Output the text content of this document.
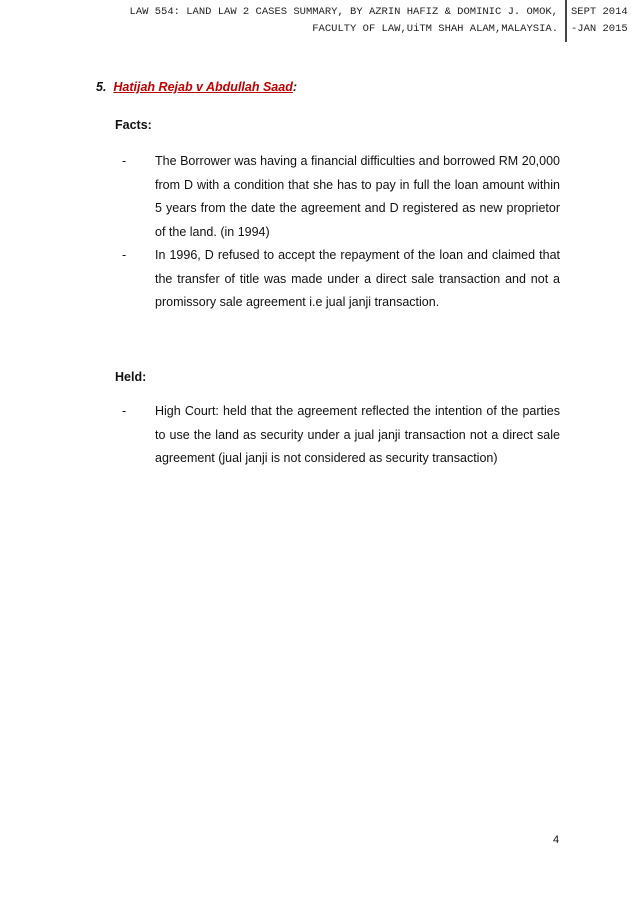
LAW 554: LAND LAW 2 CASES SUMMARY, BY AZRIN HAFIZ & DOMINIC J. OMOK,
FACULTY OF LAW,UiTM SHAH ALAM,MALAYSIA.
SEPT 2014
-JAN 2015
5. Hatijah Rejab v Abdullah Saad:
Facts:
- The Borrower was having a financial difficulties and borrowed RM 20,000 from D with a condition that she has to pay in full the loan amount within 5 years from the date the agreement and D registered as new proprietor of the land. (in 1994)
- In 1996, D refused to accept the repayment of the loan and claimed that the transfer of title was made under a direct sale transaction and not a promissory sale agreement i.e jual janji transaction.
Held:
- High Court: held that the agreement reflected the intention of the parties to use the land as security under a jual janji transaction not a direct sale agreement (jual janji is not considered as security transaction)
4
